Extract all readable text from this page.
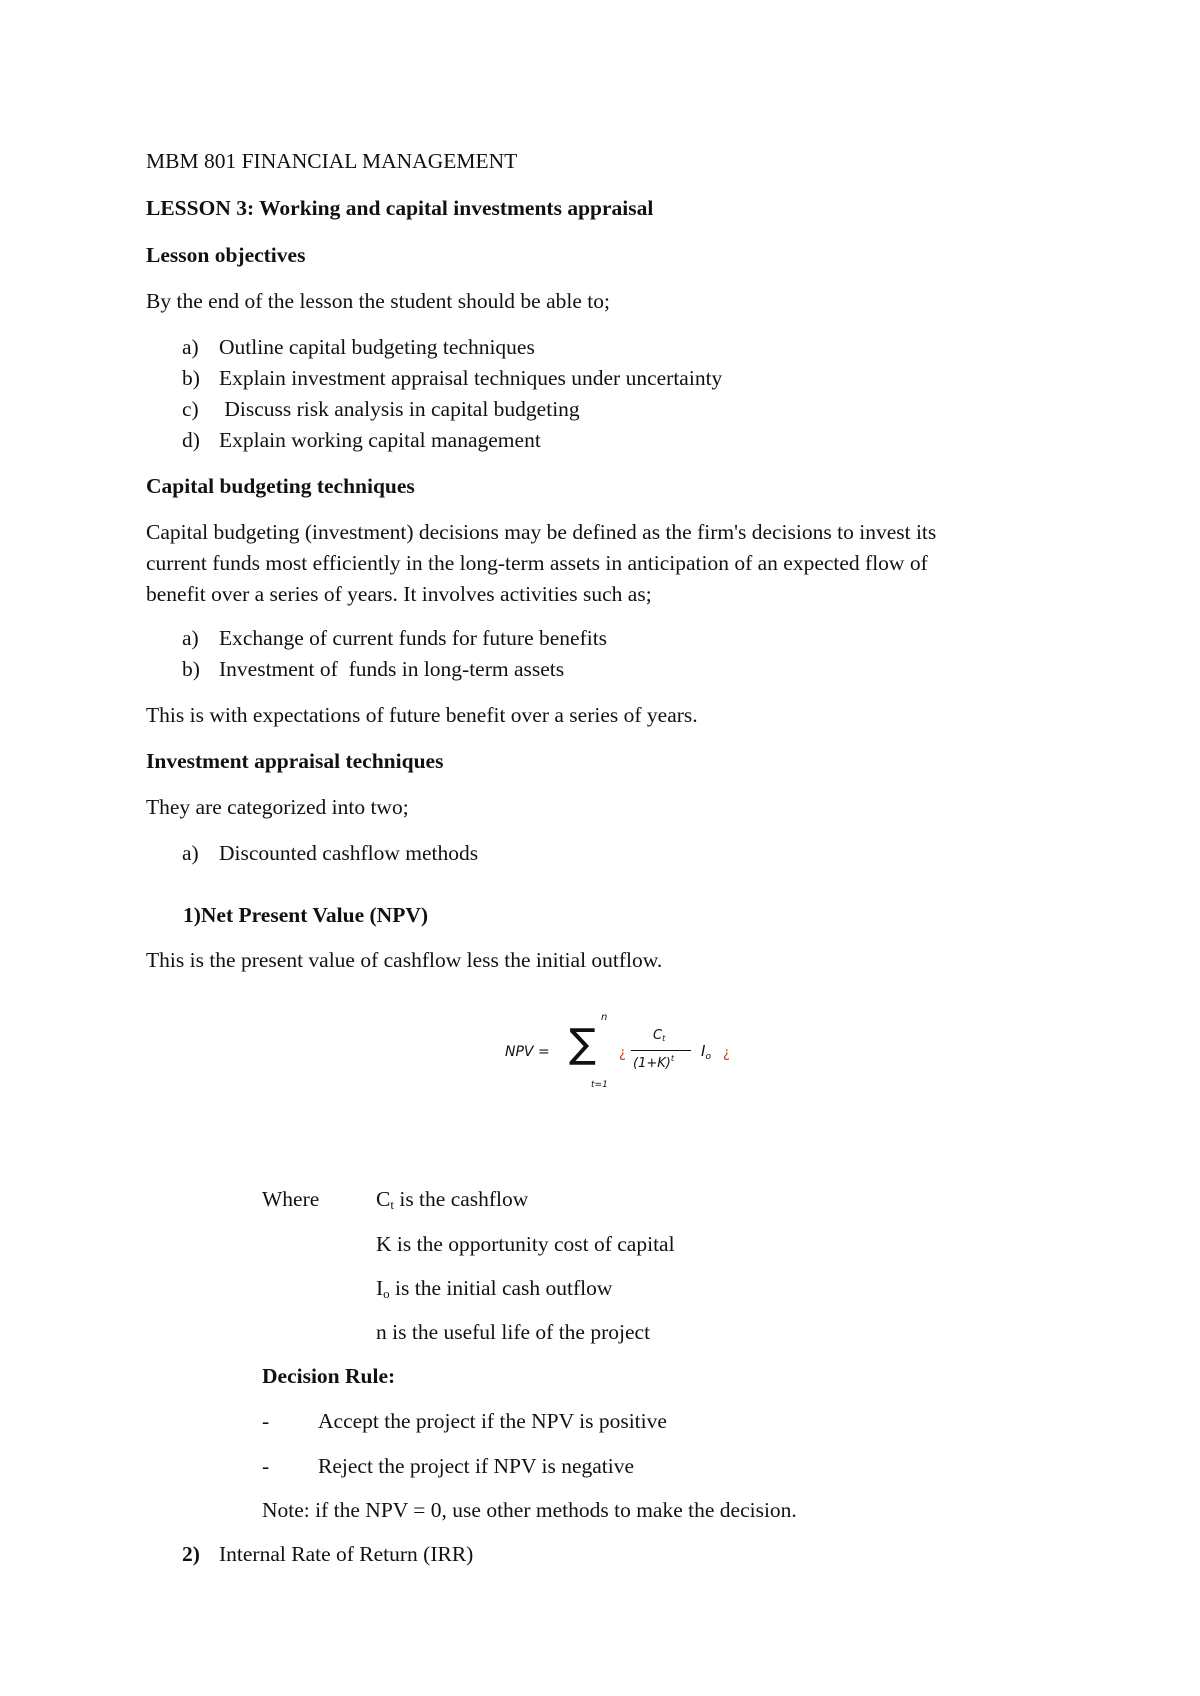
MBM 801 FINANCIAL MANAGEMENT
LESSON 3: Working and capital investments appraisal
Lesson objectives
By the end of the lesson the student should be able to;
a) Outline capital budgeting techniques
b) Explain investment appraisal techniques under uncertainty
c) Discuss risk analysis in capital budgeting
d) Explain working capital management
Capital budgeting techniques
Capital budgeting (investment) decisions may be defined as the firm's decisions to invest its
current funds most efficiently in the long-term assets in anticipation of an expected flow of
benefit over a series of years. It involves activities such as;
a) Exchange of current funds for future benefits
b) Investment of  funds in long-term assets
This is with expectations of future benefit over a series of years.
Investment appraisal techniques
They are categorized into two;
a) Discounted cashflow methods
1)Net Present Value (NPV)
This is the present value of cashflow less the initial outflow.
NPV =
n
∑
t=1
¿
Ct
$(1+K)^t$ $I_o$ ¿
Where	$C_t$ is the cashflow
K is the opportunity cost of capital
$I_o$ is the initial cash outflow
n is the useful life of the project
Decision Rule:
- Accept the project if the NPV is positive
- Reject the project if NPV is negative
Note: if the NPV = 0, use other methods to make the decision.
2) Internal Rate of Return (IRR)
